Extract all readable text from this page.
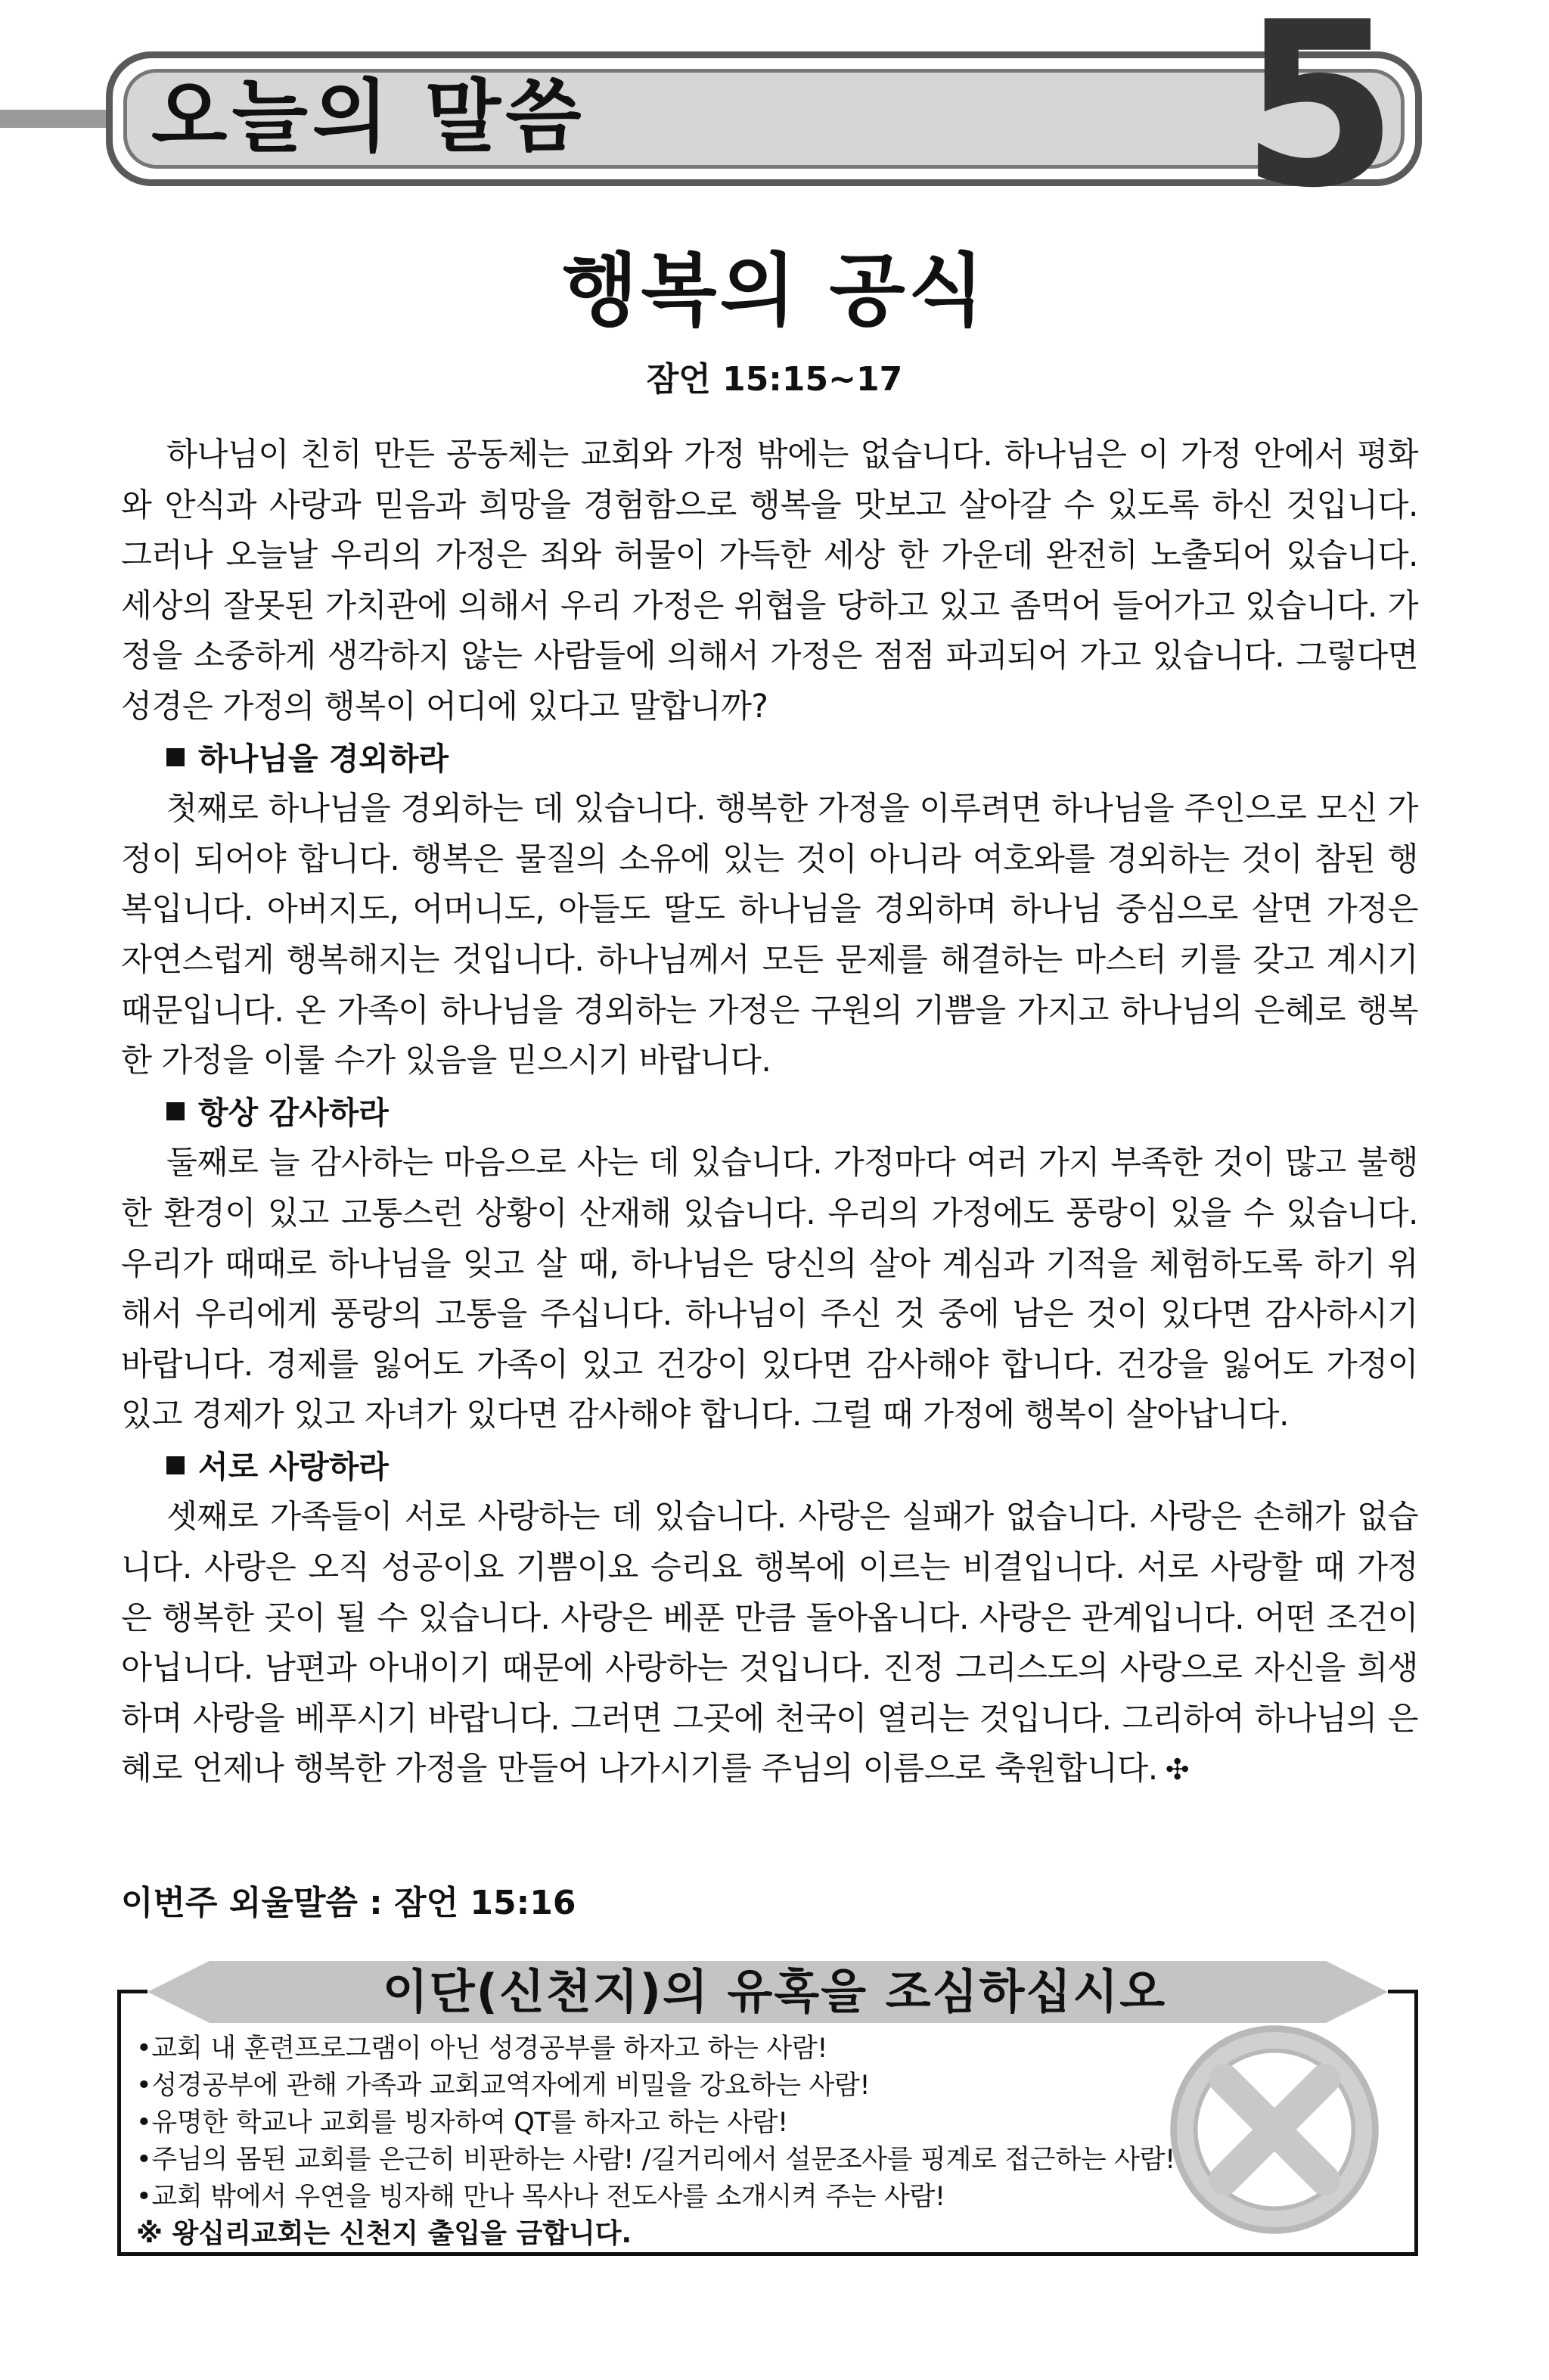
오늘의 말씀	5
행복의 공식
잠언 15:15~17

하나님이 친히 만든 공동체는 교회와 가정 밖에는 없습니다. 하나님은 이 가정 안에서 평화와 안식과 사랑과 믿음과 희망을 경험함으로 행복을 맛보고 살아갈 수 있도록 하신 것입니다. 그러나 오늘날 우리의 가정은 죄와 허물이 가득한 세상 한 가운데 완전히 노출되어 있습니다. 세상의 잘못된 가치관에 의해서 우리 가정은 위협을 당하고 있고 좀먹어 들어가고 있습니다. 가정을 소중하게 생각하지 않는 사람들에 의해서 가정은 점점 파괴되어 가고 있습니다. 그렇다면 성경은 가정의 행복이 어디에 있다고 말합니까?

하나님을 경외하라

첫째로 하나님을 경외하는 데 있습니다. 행복한 가정을 이루려면 하나님을 주인으로 모신 가정이 되어야 합니다. 행복은 물질의 소유에 있는 것이 아니라 여호와를 경외하는 것이 참된 행복입니다. 아버지도, 어머니도, 아들도 딸도 하나님을 경외하며 하나님 중심으로 살면 가정은 자연스럽게 행복해지는 것입니다. 하나님께서 모든 문제를 해결하는 마스터 키를 갖고 계시기 때문입니다. 온 가족이 하나님을 경외하는 가정은 구원의 기쁨을 가지고 하나님의 은혜로 행복한 가정을 이룰 수가 있음을 믿으시기 바랍니다.

항상 감사하라

둘째로 늘 감사하는 마음으로 사는 데 있습니다. 가정마다 여러 가지 부족한 것이 많고 불행한 환경이 있고 고통스런 상황이 산재해 있습니다. 우리의 가정에도 풍랑이 있을 수 있습니다. 우리가 때때로 하나님을 잊고 살 때, 하나님은 당신의 살아 계심과 기적을 체험하도록 하기 위해서 우리에게 풍랑의 고통을 주십니다. 하나님이 주신 것 중에 남은 것이 있다면 감사하시기 바랍니다. 경제를 잃어도 가족이 있고 건강이 있다면 감사해야 합니다. 건강을 잃어도 가정이 있고 경제가 있고 자녀가 있다면 감사해야 합니다. 그럴 때 가정에 행복이 살아납니다.

서로 사랑하라

셋째로 가족들이 서로 사랑하는 데 있습니다. 사랑은 실패가 없습니다. 사랑은 손해가 없습니다. 사랑은 오직 성공이요 기쁨이요 승리요 행복에 이르는 비결입니다. 서로 사랑할 때 가정은 행복한 곳이 될 수 있습니다. 사랑은 베푼 만큼 돌아옵니다. 사랑은 관계입니다. 어떤 조건이 아닙니다. 남편과 아내이기 때문에 사랑하는 것입니다. 진정 그리스도의 사랑으로 자신을 희생하며 사랑을 베푸시기 바랍니다. 그러면 그곳에 천국이 열리는 것입니다. 그리하여 하나님의 은혜로 언제나 행복한 가정을 만들어 나가시기를 주님의 이름으로 축원합니다. ✣

이번주 외울말씀 : 잠언 15:16
이단(신천지)의 유혹을 조심하십시오
•교회 내 훈련프로그램이 아닌 성경공부를 하자고 하는 사람!
•성경공부에 관해 가족과 교회교역자에게 비밀을 강요하는 사람!
•유명한 학교나 교회를 빙자하여 QT를 하자고 하는 사람!
•주님의 몸된 교회를 은근히 비판하는 사람! /길거리에서 설문조사를 핑계로 접근하는 사람!
•교회 밖에서 우연을 빙자해 만나 목사나 전도사를 소개시켜 주는 사람!
※ 왕십리교회는 신천지 출입을 금합니다.
